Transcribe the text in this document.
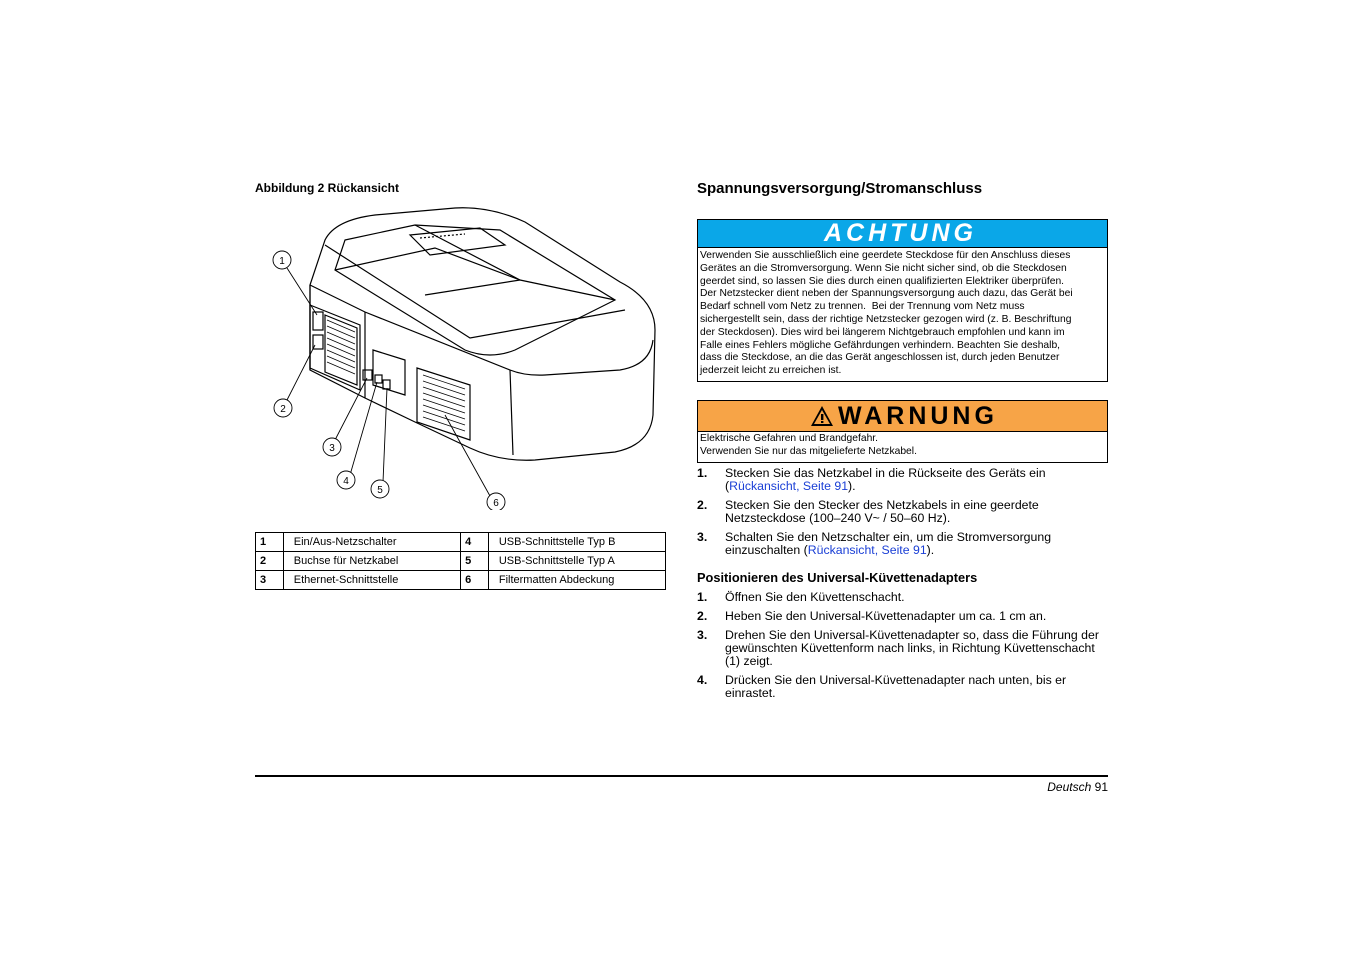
Abbildung 2 Rückansicht
1
2
3
4
5
6
1	Ein/Aus-Netzschalter	4	USB-Schnittstelle Typ B
2	Buchse für Netzkabel	5	USB-Schnittstelle Typ A
3	Ethernet-Schnittstelle	6	Filtermatten Abdeckung
Spannungsversorgung/Stromanschluss
ACHTUNG
Verwenden Sie ausschließlich eine geerdete Steckdose für den Anschluss dieses
Gerätes an die Stromversorgung. Wenn Sie nicht sicher sind, ob die Steckdosen
geerdet sind, so lassen Sie dies durch einen qualifizierten Elektriker überprüfen.
Der Netzstecker dient neben der Spannungsversorgung auch dazu, das Gerät bei
Bedarf schnell vom Netz zu trennen.  Bei der Trennung vom Netz muss
sichergestellt sein, dass der richtige Netzstecker gezogen wird (z. B. Beschriftung
der Steckdosen). Dies wird bei längerem Nichtgebrauch empfohlen und kann im
Falle eines Fehlers mögliche Gefährdungen verhindern. Beachten Sie deshalb,
dass die Steckdose, an die das Gerät angeschlossen ist, durch jeden Benutzer
jederzeit leicht zu erreichen ist.
WARNUNG
Elektrische Gefahren und Brandgefahr.
Verwenden Sie nur das mitgelieferte Netzkabel.
1.	Stecken Sie das Netzkabel in die Rückseite des Geräts ein (Rückansicht, Seite 91).
2.	Stecken Sie den Stecker des Netzkabels in eine geerdete Netzsteckdose (100–240 V~ / 50–60 Hz).
3.	Schalten Sie den Netzschalter ein, um die Stromversorgung einzuschalten (Rückansicht, Seite 91).
Positionieren des Universal-Küvettenadapters
1.	Öffnen Sie den Küvettenschacht.
2.	Heben Sie den Universal-Küvettenadapter um ca. 1 cm an.
3.	Drehen Sie den Universal-Küvettenadapter so, dass die Führung der gewünschten Küvettenform nach links, in Richtung Küvettenschacht (1) zeigt.
4.	Drücken Sie den Universal-Küvettenadapter nach unten, bis er einrastet.
Deutsch 91
